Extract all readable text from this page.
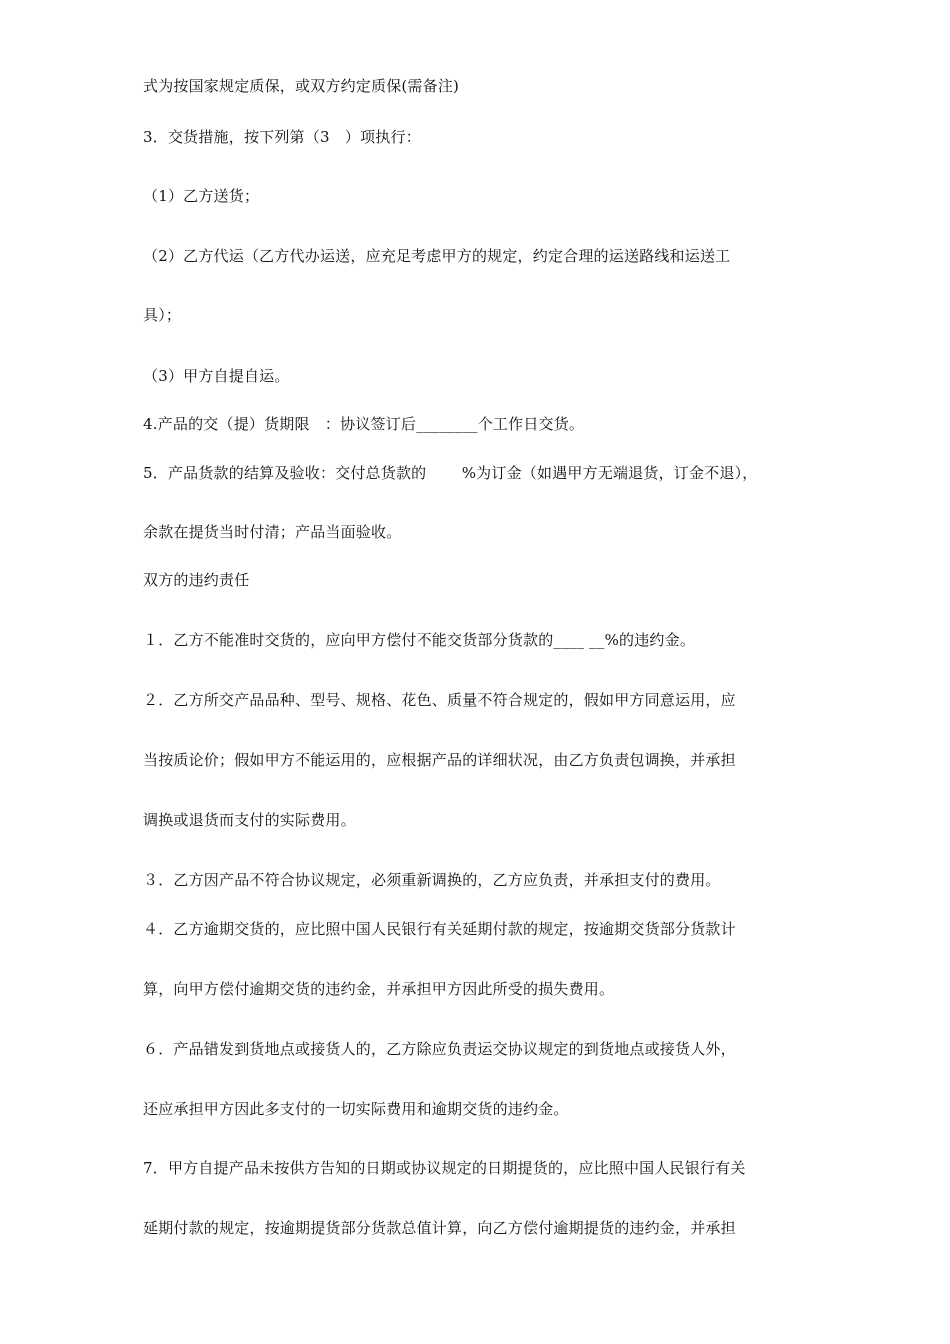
式为按国家规定质保，或双方约定质保(需备注)
3．交货措施，按下列第（3　）项执行：
（1）乙方送货；
（2）乙方代运（乙方代办运送，应充足考虑甲方的规定，约定合理的运送路线和运送工
具）；
（3）甲方自提自运。
4.产品的交（提）货期限　：协议签订后________个工作日交货。
5．产品货款的结算及验收：交付总货款的　　 %为订金（如遇甲方无端退货，订金不退），
余款在提货当时付清；产品当面验收。
双方的违约责任
１．乙方不能准时交货的，应向甲方偿付不能交货部分货款的____ __%的违约金。
２．乙方所交产品品种、型号、规格、花色、质量不符合规定的，假如甲方同意运用，应
当按质论价；假如甲方不能运用的，应根据产品的详细状况，由乙方负责包调换，并承担
调换或退货而支付的实际费用。
３．乙方因产品不符合协议规定，必须重新调换的，乙方应负责，并承担支付的费用。
４．乙方逾期交货的，应比照中国人民银行有关延期付款的规定，按逾期交货部分货款计
算，向甲方偿付逾期交货的违约金，并承担甲方因此所受的损失费用。
６．产品错发到货地点或接货人的，乙方除应负责运交协议规定的到货地点或接货人外，
还应承担甲方因此多支付的一切实际费用和逾期交货的违约金。
7．甲方自提产品未按供方告知的日期或协议规定的日期提货的，应比照中国人民银行有关
延期付款的规定，按逾期提货部分货款总值计算，向乙方偿付逾期提货的违约金，并承担
